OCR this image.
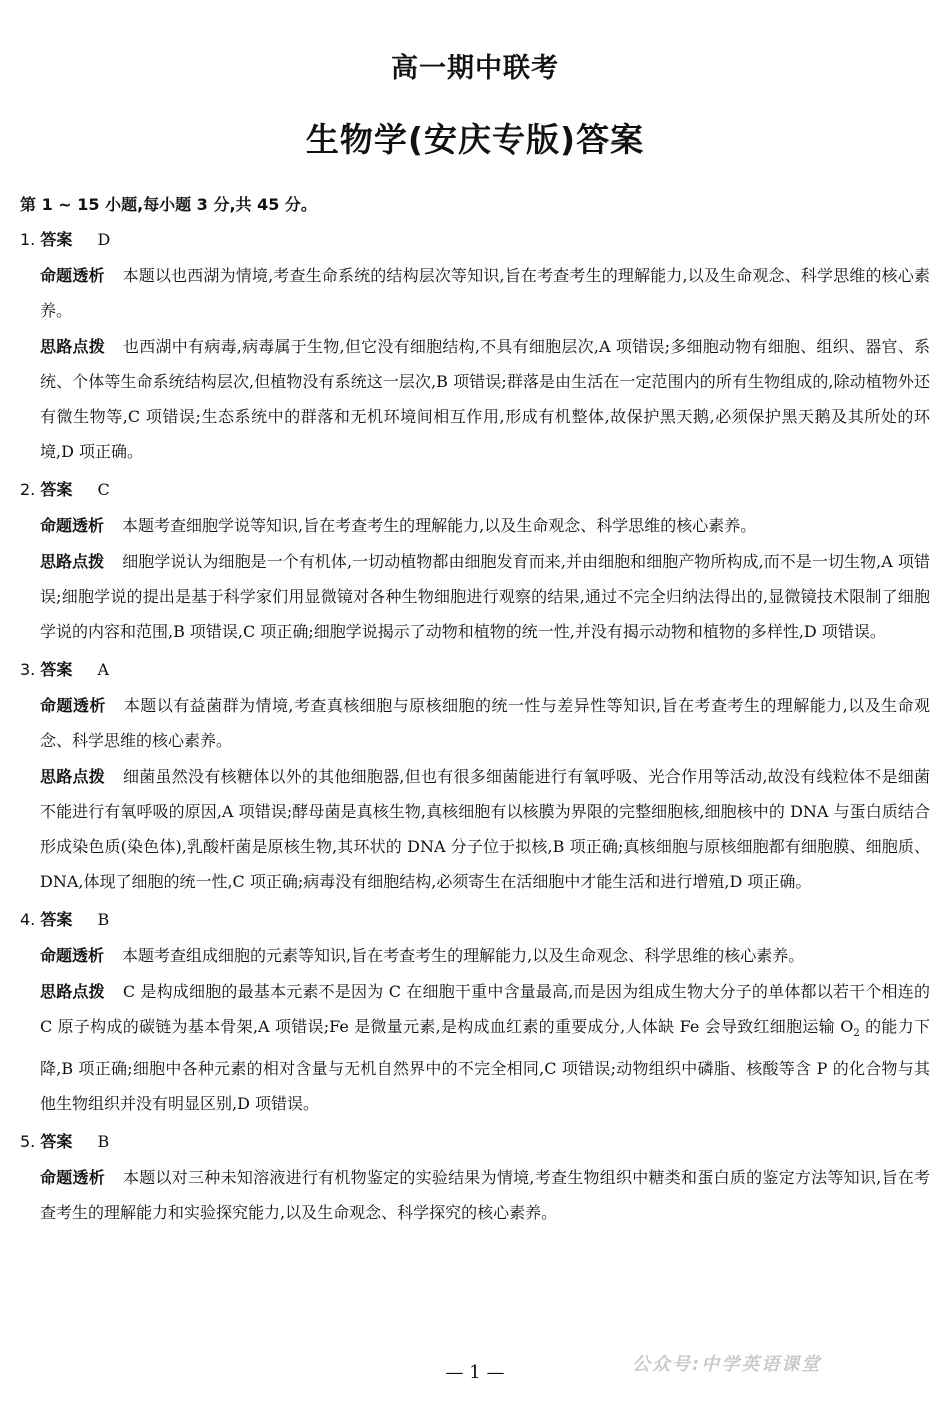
高一期中联考
生物学(安庆专版)答案
第 1 ~ 15 小题,每小题 3 分,共 45 分。
1. 答案 D
命题透析 本题以也西湖为情境,考查生命系统的结构层次等知识,旨在考查考生的理解能力,以及生命观念、科学思维的核心素养。
思路点拨 也西湖中有病毒,病毒属于生物,但它没有细胞结构,不具有细胞层次,A 项错误;多细胞动物有细胞、组织、器官、系统、个体等生命系统结构层次,但植物没有系统这一层次,B 项错误;群落是由生活在一定范围内的所有生物组成的,除动植物外还有微生物等,C 项错误;生态系统中的群落和无机环境间相互作用,形成有机整体,故保护黑天鹅,必须保护黑天鹅及其所处的环境,D 项正确。
2. 答案 C
命题透析 本题考查细胞学说等知识,旨在考查考生的理解能力,以及生命观念、科学思维的核心素养。
思路点拨 细胞学说认为细胞是一个有机体,一切动植物都由细胞发育而来,并由细胞和细胞产物所构成,而不是一切生物,A 项错误;细胞学说的提出是基于科学家们用显微镜对各种生物细胞进行观察的结果,通过不完全归纳法得出的,显微镜技术限制了细胞学说的内容和范围,B 项错误,C 项正确;细胞学说揭示了动物和植物的统一性,并没有揭示动物和植物的多样性,D 项错误。
3. 答案 A
命题透析 本题以有益菌群为情境,考查真核细胞与原核细胞的统一性与差异性等知识,旨在考查考生的理解能力,以及生命观念、科学思维的核心素养。
思路点拨 细菌虽然没有核糖体以外的其他细胞器,但也有很多细菌能进行有氧呼吸、光合作用等活动,故没有线粒体不是细菌不能进行有氧呼吸的原因,A 项错误;酵母菌是真核生物,真核细胞有以核膜为界限的完整细胞核,细胞核中的 DNA 与蛋白质结合形成染色质(染色体),乳酸杆菌是原核生物,其环状的 DNA 分子位于拟核,B 项正确;真核细胞与原核细胞都有细胞膜、细胞质、DNA,体现了细胞的统一性,C 项正确;病毒没有细胞结构,必须寄生在活细胞中才能生活和进行增殖,D 项正确。
4. 答案 B
命题透析 本题考查组成细胞的元素等知识,旨在考查考生的理解能力,以及生命观念、科学思维的核心素养。
思路点拨 C 是构成细胞的最基本元素不是因为 C 在细胞干重中含量最高,而是因为组成生物大分子的单体都以若干个相连的 C 原子构成的碳链为基本骨架,A 项错误;Fe 是微量元素,是构成血红素的重要成分,人体缺 Fe 会导致红细胞运输 $O_2$ 的能力下降,B 项正确;细胞中各种元素的相对含量与无机自然界中的不完全相同,C 项错误;动物组织中磷脂、核酸等含 P 的化合物与其他生物组织并没有明显区别,D 项错误。
5. 答案 B
命题透析 本题以对三种未知溶液进行有机物鉴定的实验结果为情境,考查生物组织中糖类和蛋白质的鉴定方法等知识,旨在考查考生的理解能力和实验探究能力,以及生命观念、科学探究的核心素养。
— 1 —	公众号:中学英语课堂
